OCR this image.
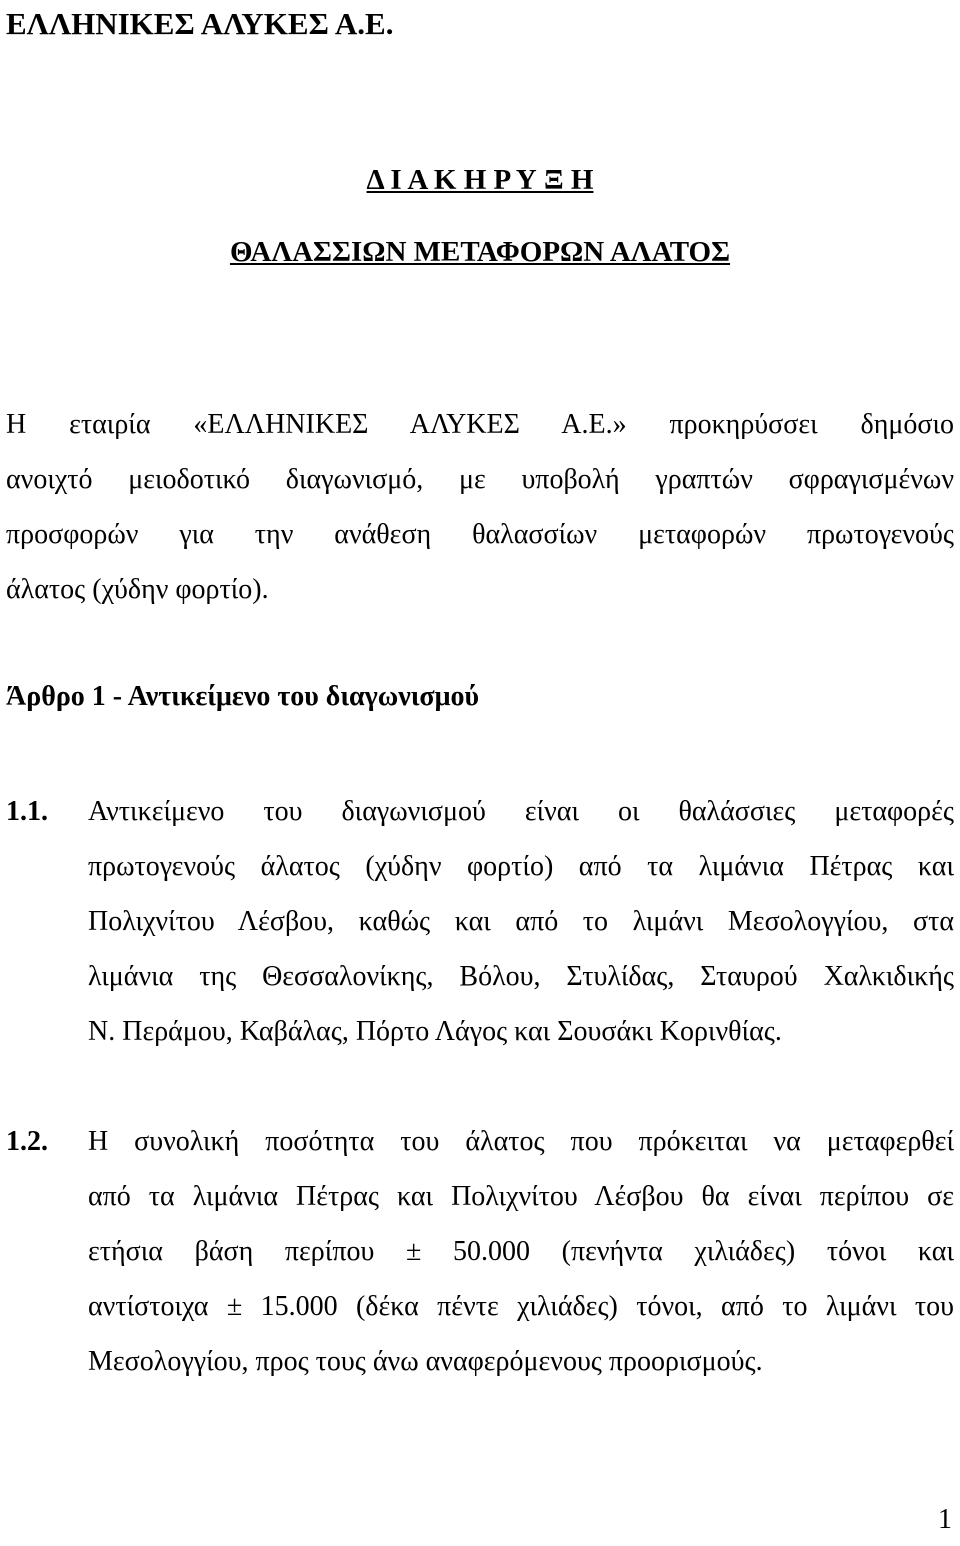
ΕΛΛΗΝΙΚΕΣ ΑΛΥΚΕΣ Α.Ε.
Δ Ι Α Κ Η Ρ Υ Ξ Η
ΘΑΛΑΣΣΙΩΝ ΜΕΤΑΦΟΡΩΝ ΑΛΑΤΟΣ
Η εταιρία «ΕΛΛΗΝΙΚΕΣ ΑΛΥΚΕΣ Α.Ε.» προκηρύσσει δημόσιο
ανοιχτό μειοδοτικό διαγωνισμό, με υποβολή γραπτών σφραγισμένων
προσφορών για την ανάθεση θαλασσίων μεταφορών πρωτογενούς
άλατος (χύδην φορτίο).
Άρθρο 1 - Αντικείμενο του διαγωνισμού
1.1. Αντικείμενο του διαγωνισμού είναι οι θαλάσσιες μεταφορές
πρωτογενούς άλατος (χύδην φορτίο) από τα λιμάνια Πέτρας και
Πολιχνίτου Λέσβου, καθώς και από το λιμάνι Μεσολογγίου, στα
λιμάνια της Θεσσαλονίκης, Βόλου, Στυλίδας, Σταυρού Χαλκιδικής
Ν. Περάμου, Καβάλας, Πόρτο Λάγος και Σουσάκι Κορινθίας.
1.2. Η συνολική ποσότητα του άλατος που πρόκειται να μεταφερθεί
από τα λιμάνια Πέτρας και Πολιχνίτου Λέσβου θα είναι περίπου σε
ετήσια βάση περίπου ± 50.000 (πενήντα χιλιάδες) τόνοι και
αντίστοιχα ± 15.000 (δέκα πέντε χιλιάδες) τόνοι, από το λιμάνι του
Μεσολογγίου, προς τους άνω αναφερόμενους προορισμούς.
1
